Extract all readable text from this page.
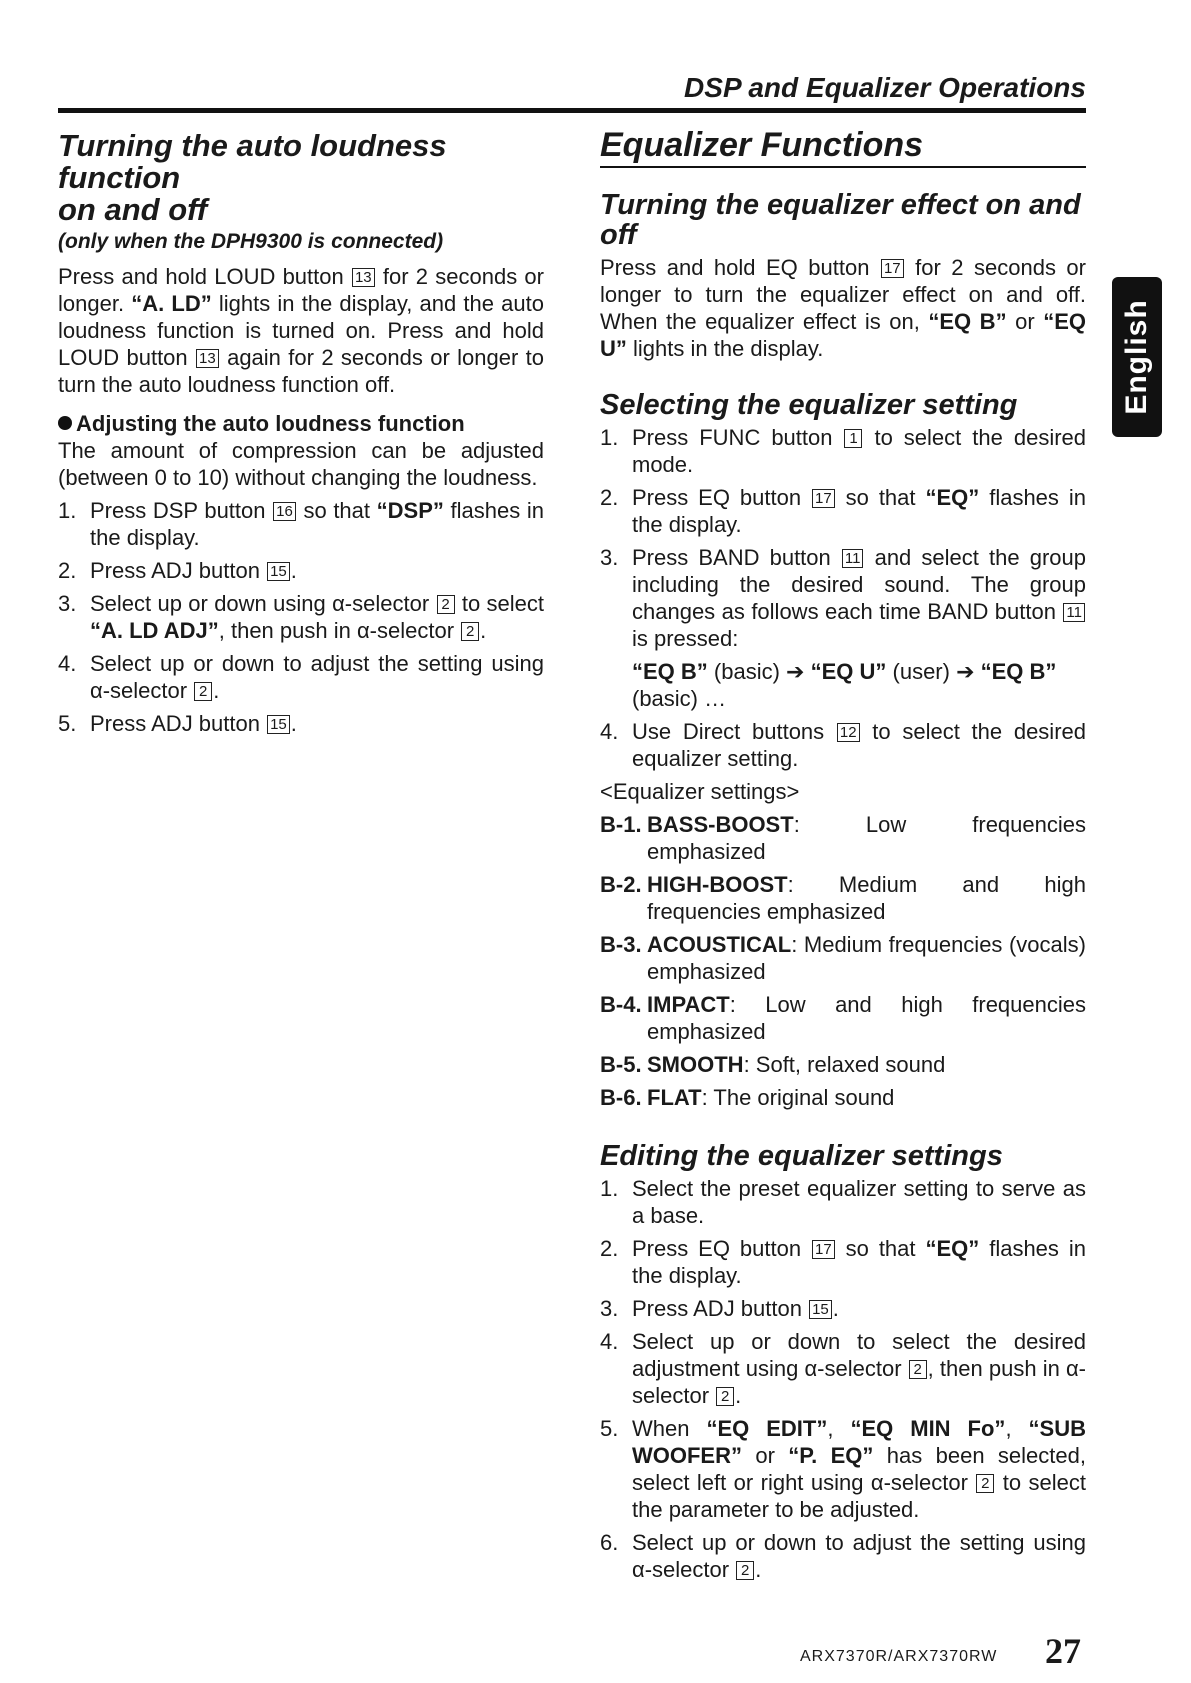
DSP and Equalizer Operations
Turning the auto loudness function
on and off
(only when the DPH9300 is connected)

Press and hold LOUD button 13 for 2 seconds or longer. “A. LD” lights in the display, and the auto loudness function is turned on. Press and hold LOUD button 13 again for 2 seconds or longer to turn the auto loudness function off.

Adjusting the auto loudness function

The amount of compression can be adjusted (between 0 to 10) without changing the loudness.

1. Press DSP button 16 so that “DSP” flashes in the display.
2. Press ADJ button 15 .
3. Select up or down using α-selector 2 to select “A. LD ADJ”, then push in α-selector 2 .
4. Select up or down to adjust the setting using α-selector 2 .
5. Press ADJ button 15 .
Equalizer Functions
Turning the equalizer effect on and off

Press and hold EQ button 17 for 2 seconds or longer to turn the equalizer effect on and off. When the equalizer effect is on, “EQ B” or “EQ U” lights in the display.

Selecting the equalizer setting
1. Press FUNC button 1 to select the desired mode.
2. Press EQ button 17 so that “EQ” flashes in the display.
3. Press BAND button 11 and select the group including the desired sound. The group changes as follows each time BAND button 11 is pressed:
“EQ B” (basic) ➔ “EQ U” (user) ➔ “EQ B” (basic) …
4. Use Direct buttons 12 to select the desired equalizer setting.
<Equalizer settings>
B-1. BASS-BOOST: Low frequencies emphasized
B-2. HIGH-BOOST: Medium and high frequencies emphasized
B-3. ACOUSTICAL: Medium frequencies (vocals) emphasized
B-4. IMPACT: Low and high frequencies emphasized
B-5. SMOOTH: Soft, relaxed sound
B-6. FLAT: The original sound
Editing the equalizer settings
1. Select the preset equalizer setting to serve as a base.
2. Press EQ button 17 so that “EQ” flashes in the display.
3. Press ADJ button 15 .
4. Select up or down to select the desired adjustment using α-selector 2 , then push in α-selector 2 .
5. When “EQ EDIT”, “EQ MIN Fo”, “SUB WOOFER” or “P. EQ” has been selected, select left or right using α-selector 2 to select the parameter to be adjusted.
6. Select up or down to adjust the setting using α-selector 2 .
English
ARX7370R/ARX7370RW 27
